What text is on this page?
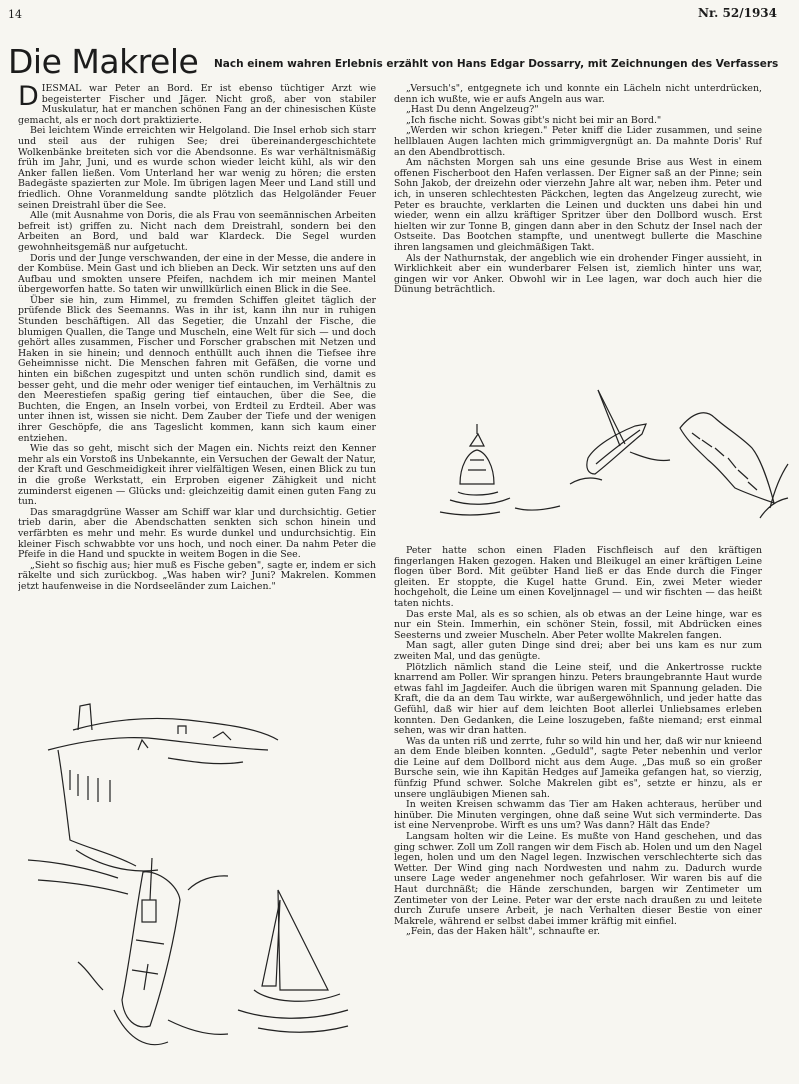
14	Nr. 52/1934
Die Makrele Nach einem wahren Erlebnis erzählt von Hans Edgar Dossarry, mit Zeichnungen des Verfassers

DIESMAL war Peter an Bord. Er ist ebenso tüchtiger Arzt wie begeisterter Fischer und Jäger. Nicht groß, aber von stabiler Muskulatur, hat er manchen schönen Fang an der chinesischen Küste gemacht, als er noch dort praktizierte.

Bei leichtem Winde erreichten wir Helgoland. Die Insel erhob sich starr und steil aus der ruhigen See; drei übereinandergeschichtete Wolkenbänke breiteten sich vor die Abendsonne. Es war verhältnismäßig früh im Jahr, Juni, und es wurde schon wieder leicht kühl, als wir den Anker fallen ließen. Vom Unterland her war wenig zu hören; die ersten Badegäste spazierten zur Mole. Im übrigen lagen Meer und Land still und friedlich. Ohne Voranmeldung sandte plötzlich das Helgoländer Feuer seinen Dreistrahl über die See.

Alle (mit Ausnahme von Doris, die als Frau von seemännischen Arbeiten befreit ist) griffen zu. Nicht nach dem Dreistrahl, sondern bei den Arbeiten an Bord, und bald war Klardeck. Die Segel wurden gewohnheitsgemäß nur aufgetucht.

Doris und der Junge verschwanden, der eine in der Messe, die andere in der Kombüse. Mein Gast und ich blieben an Deck. Wir setzten uns auf den Aufbau und smokten unsere Pfeifen, nachdem ich mir meinen Mantel übergeworfen hatte. So taten wir unwillkürlich einen Blick in die See.

Über sie hin, zum Himmel, zu fremden Schiffen gleitet täglich der prüfende Blick des Seemanns. Was in ihr ist, kann ihn nur in ruhigen Stunden beschäftigen. All das Segetier, die Unzahl der Fische, die blumigen Quallen, die Tange und Muscheln, eine Welt für sich — und doch gehört alles zusammen, Fischer und Forscher grabschen mit Netzen und Haken in sie hinein; und dennoch enthüllt auch ihnen die Tiefsee ihre Geheimnisse nicht. Die Menschen fahren mit Gefäßen, die vorne und hinten ein bißchen zugespitzt und unten schön rundlich sind, damit es besser geht, und die mehr oder weniger tief eintauchen, im Verhältnis zu den Meerestiefen spaßig gering tief eintauchen, über die See, die Buchten, die Engen, an Inseln vorbei, von Erdteil zu Erdteil. Aber was unter ihnen ist, wissen sie nicht. Dem Zauber der Tiefe und der wenigen ihrer Geschöpfe, die ans Tageslicht kommen, kann sich kaum einer entziehen.

Wie das so geht, mischt sich der Magen ein. Nichts reizt den Kenner mehr als ein Vorstoß ins Unbekannte, ein Versuchen der Gewalt der Natur, der Kraft und Geschmeidigkeit ihrer vielfältigen Wesen, einen Blick zu tun in die große Werkstatt, ein Erproben eigener Zähigkeit und nicht zuminderst eigenen — Glücks und: gleichzeitig damit einen guten Fang zu tun.

Das smaragdgrüne Wasser am Schiff war klar und durchsichtig. Getier trieb darin, aber die Abendschatten senkten sich schon hinein und verfärbten es mehr und mehr. Es wurde dunkel und undurchsichtig. Ein kleiner Fisch schwabbte vor uns hoch, und noch einer. Da nahm Peter die Pfeife in die Hand und spuckte in weitem Bogen in die See.

„Sieht so fischig aus; hier muß es Fische geben", sagte er, indem er sich räkelte und sich zurückbog. „Was haben wir? Juni? Makrelen. Kommen jetzt haufenweise in die Nordseeländer zum Laichen."

„Versuch's", entgegnete ich und konnte ein Lächeln nicht unterdrücken, denn ich wußte, wie er aufs Angeln aus war.

„Hast Du denn Angelzeug?"

„Ich fische nicht. Sowas gibt's nicht bei mir an Bord."

„Werden wir schon kriegen." Peter kniff die Lider zusammen, und seine hellblauen Augen lachten mich grimmigvergnügt an. Da mahnte Doris' Ruf an den Abendbrottisch.

Am nächsten Morgen sah uns eine gesunde Brise aus West in einem offenen Fischerboot den Hafen verlassen. Der Eigner saß an der Pinne; sein Sohn Jakob, der dreizehn oder vierzehn Jahre alt war, neben ihm. Peter und ich, in unseren schlechtesten Päckchen, legten das Angelzeug zurecht, wie Peter es brauchte, verklarten die Leinen und duckten uns dabei hin und wieder, wenn ein allzu kräftiger Spritzer über den Dollbord wusch. Erst hielten wir zur Tonne B, gingen dann aber in den Schutz der Insel nach der Ostseite. Das Bootchen stampfte, und unentwegt bullerte die Maschine ihren langsamen und gleichmäßigen Takt.

Als der Nathurnstak, der angeblich wie ein drohender Finger aussieht, in Wirklichkeit aber ein wunderbarer Felsen ist, ziemlich hinter uns war, gingen wir vor Anker. Obwohl wir in Lee lagen, war doch auch hier die Dünung beträchtlich.

Peter hatte schon einen Fladen Fischfleisch auf den kräftigen fingerlangen Haken gezogen. Haken und Bleikugel an einer kräftigen Leine flogen über Bord. Mit geübter Hand ließ er das Ende durch die Finger gleiten. Er stoppte, die Kugel hatte Grund. Ein, zwei Meter wieder hochgeholt, die Leine um einen Koveljnnagel — und wir fischten — das heißt taten nichts.

Das erste Mal, als es so schien, als ob etwas an der Leine hinge, war es nur ein Stein. Immerhin, ein schöner Stein, fossil, mit Abdrücken eines Seesterns und zweier Muscheln. Aber Peter wollte Makrelen fangen.

Man sagt, aller guten Dinge sind drei; aber bei uns kam es nur zum zweiten Mal, und das genügte.

Plötzlich nämlich stand die Leine steif, und die Ankertrosse ruckte knarrend am Poller. Wir sprangen hinzu. Peters braungebrannte Haut wurde etwas fahl im Jagdeifer. Auch die übrigen waren mit Spannung geladen. Die Kraft, die da an dem Tau wirkte, war außergewöhnlich, und jeder hatte das Gefühl, daß wir hier auf dem leichten Boot allerlei Unliebsames erleben konnten. Den Gedanken, die Leine loszugeben, faßte niemand; erst einmal sehen, was wir dran hatten.

Was da unten riß und zerrte, fuhr so wild hin und her, daß wir nur knieend an dem Ende bleiben konnten. „Geduld", sagte Peter nebenhin und verlor die Leine auf dem Dollbord nicht aus dem Auge. „Das muß so ein großer Bursche sein, wie ihn Kapitän Hedges auf Jameika gefangen hat, so vierzig, fünfzig Pfund schwer. Solche Makrelen gibt es", setzte er hinzu, als er unsere ungläubigen Mienen sah.

In weiten Kreisen schwamm das Tier am Haken achteraus, herüber und hinüber. Die Minuten vergingen, ohne daß seine Wut sich verminderte. Das ist eine Nervenprobe. Wirft es uns um? Was dann? Hält das Ende?

Langsam holten wir die Leine. Es mußte von Hand geschehen, und das ging schwer. Zoll um Zoll rangen wir dem Fisch ab. Holen und um den Nagel legen, holen und um den Nagel legen. Inzwischen verschlechterte sich das Wetter. Der Wind ging nach Nordwesten und nahm zu. Dadurch wurde unsere Lage weder angenehmer noch gefahrloser. Wir waren bis auf die Haut durchnäßt; die Hände zerschunden, bargen wir Zentimeter um Zentimeter von der Leine. Peter war der erste nach draußen zu und leitete durch Zurufe unsere Arbeit, je nach Verhalten dieser Bestie von einer Makrele, während er selbst dabei immer kräftig mit einfiel.

„Fein, das der Haken hält", schnaufte er.
